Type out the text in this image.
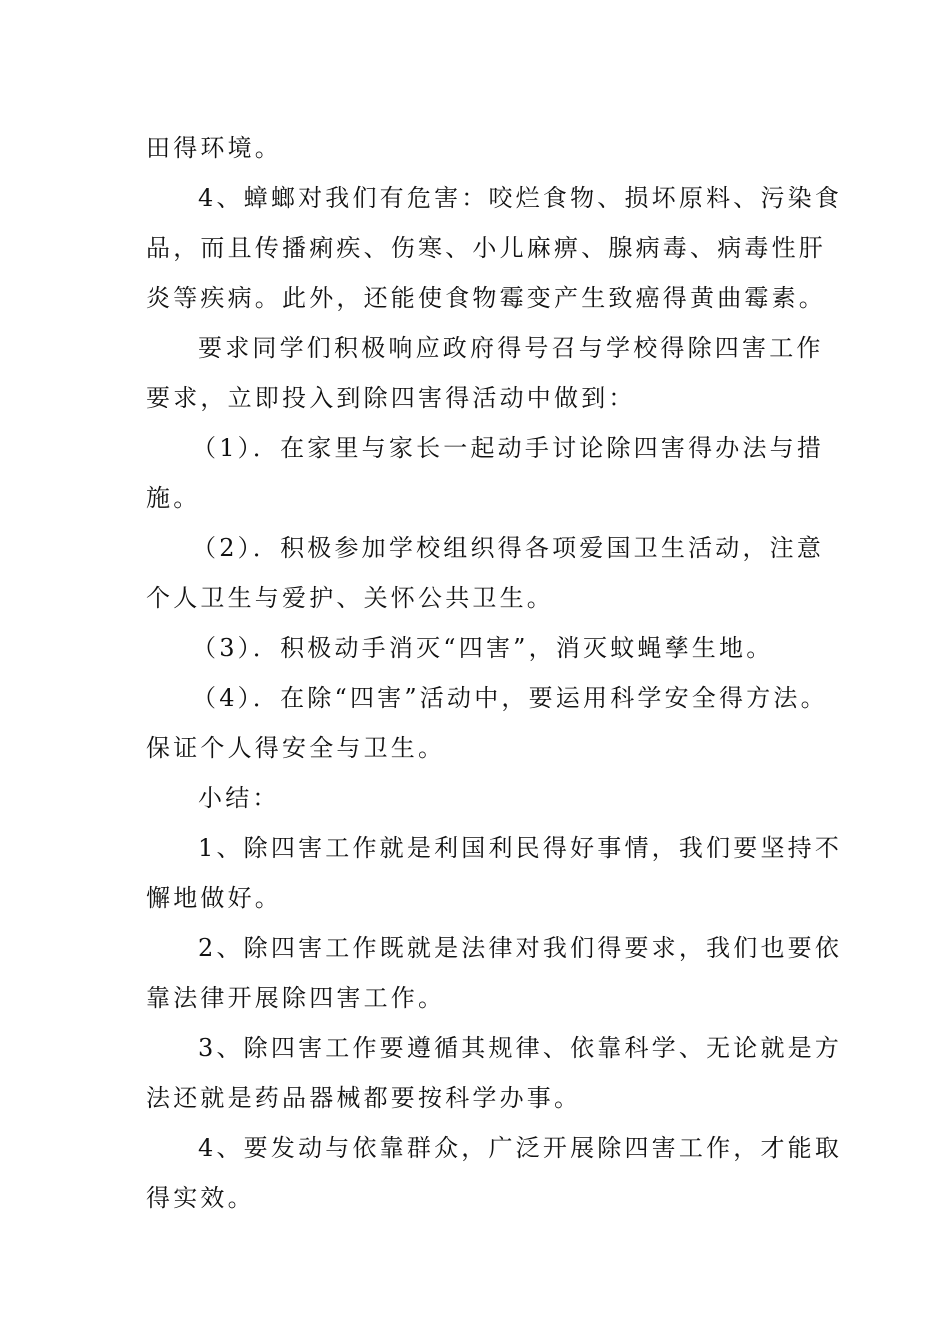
田得环境。
4、蟑螂对我们有危害：咬烂食物、损坏原料、污染食
品，而且传播痢疾、伤寒、小儿麻痹、腺病毒、病毒性肝
炎等疾病。此外，还能使食物霉变产生致癌得黄曲霉素。
要求同学们积极响应政府得号召与学校得除四害工作
要求，立即投入到除四害得活动中做到：
（1）．在家里与家长一起动手讨论除四害得办法与措
施。
（2）．积极参加学校组织得各项爱国卫生活动，注意
个人卫生与爱护、关怀公共卫生。
（3）．积极动手消灭“四害”，消灭蚊蝇孳生地。
（4）．在除“四害”活动中，要运用科学安全得方法。
保证个人得安全与卫生。
小结：
1、除四害工作就是利国利民得好事情，我们要坚持不
懈地做好。
2、除四害工作既就是法律对我们得要求，我们也要依
靠法律开展除四害工作。
3、除四害工作要遵循其规律、依靠科学、无论就是方
法还就是药品器械都要按科学办事。
4、要发动与依靠群众，广泛开展除四害工作，才能取
得实效。
